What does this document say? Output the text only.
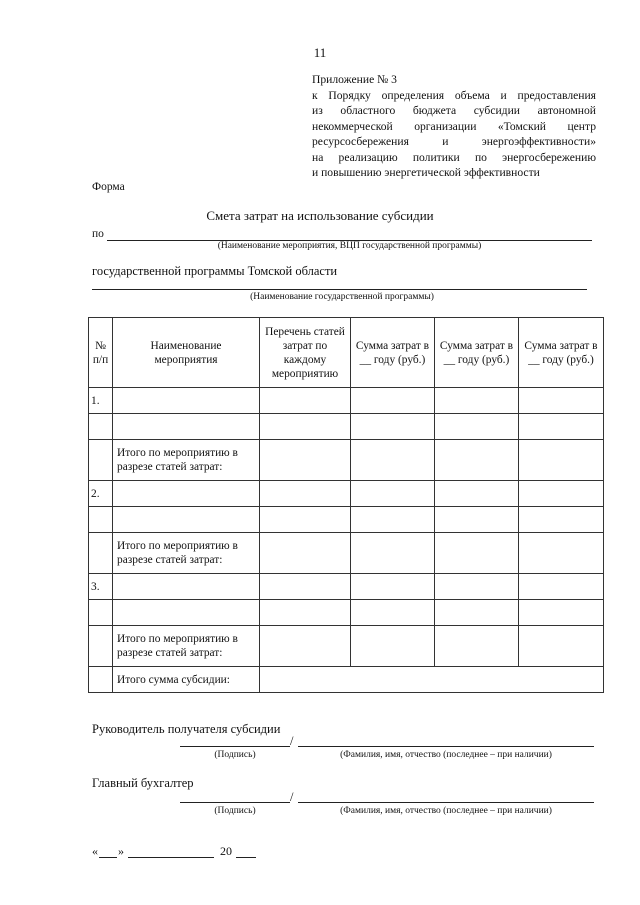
11
Приложение № 3
к Порядку определения объема и предоставления
из областного бюджета субсидии автономной
некоммерческой организации «Томский центр
ресурсосбережения и энергоэффективности»
на реализацию политики по энергосбережению
и повышению энергетической эффективности
Форма
Смета затрат на использование субсидии
по
(Наименование мероприятия, ВЦП государственной программы)
государственной программы Томской области
(Наименование государственной программы)
№ п/п	Наименование мероприятия	Перечень статей затрат по каждому мероприятию	Сумма затрат в __ году (руб.)	Сумма затрат в __ году (руб.)	Сумма затрат в __ году (руб.)
1.					

	Итого по мероприятию в разрезе статей затрат:				
2.					

	Итого по мероприятию в разрезе статей затрат:				
3.					

	Итого по мероприятию в разрезе статей затрат:				
	Итого сумма субсидии:				
Руководитель получателя субсидии
/
(Подпись)	(Фамилия, имя, отчество (последнее – при наличии)
Главный бухгалтер
/
(Подпись)	(Фамилия, имя, отчество (последнее – при наличии)
« »	20
